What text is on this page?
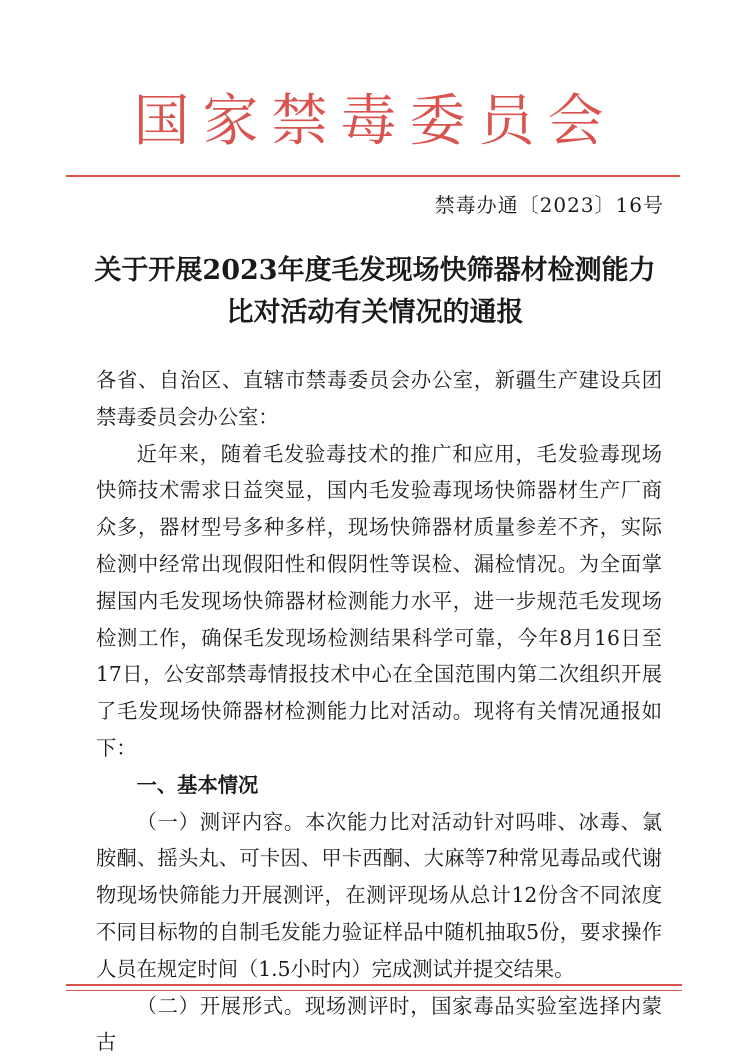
国家禁毒委员会
禁毒办通〔2023〕16号
关于开展2023年度毛发现场快筛器材检测能力
比对活动有关情况的通报

各省、自治区、直辖市禁毒委员会办公室，新疆生产建设兵团禁毒委员会办公室：

近年来，随着毛发验毒技术的推广和应用，毛发验毒现场快筛技术需求日益突显，国内毛发验毒现场快筛器材生产厂商众多，器材型号多种多样，现场快筛器材质量参差不齐，实际检测中经常出现假阳性和假阴性等误检、漏检情况。为全面掌握国内毛发现场快筛器材检测能力水平，进一步规范毛发现场检测工作，确保毛发现场检测结果科学可靠，今年8月16日至17日，公安部禁毒情报技术中心在全国范围内第二次组织开展了毛发现场快筛器材检测能力比对活动。现将有关情况通报如下：

一、基本情况

（一）测评内容。本次能力比对活动针对吗啡、冰毒、氯胺酮、摇头丸、可卡因、甲卡西酮、大麻等7种常见毒品或代谢物现场快筛能力开展测评，在测评现场从总计12份含不同浓度不同目标物的自制毛发能力验证样品中随机抽取5份，要求操作人员在规定时间（1.5小时内）完成测试并提交结果。

（二）开展形式。现场测评时，国家毒品实验室选择内蒙古
